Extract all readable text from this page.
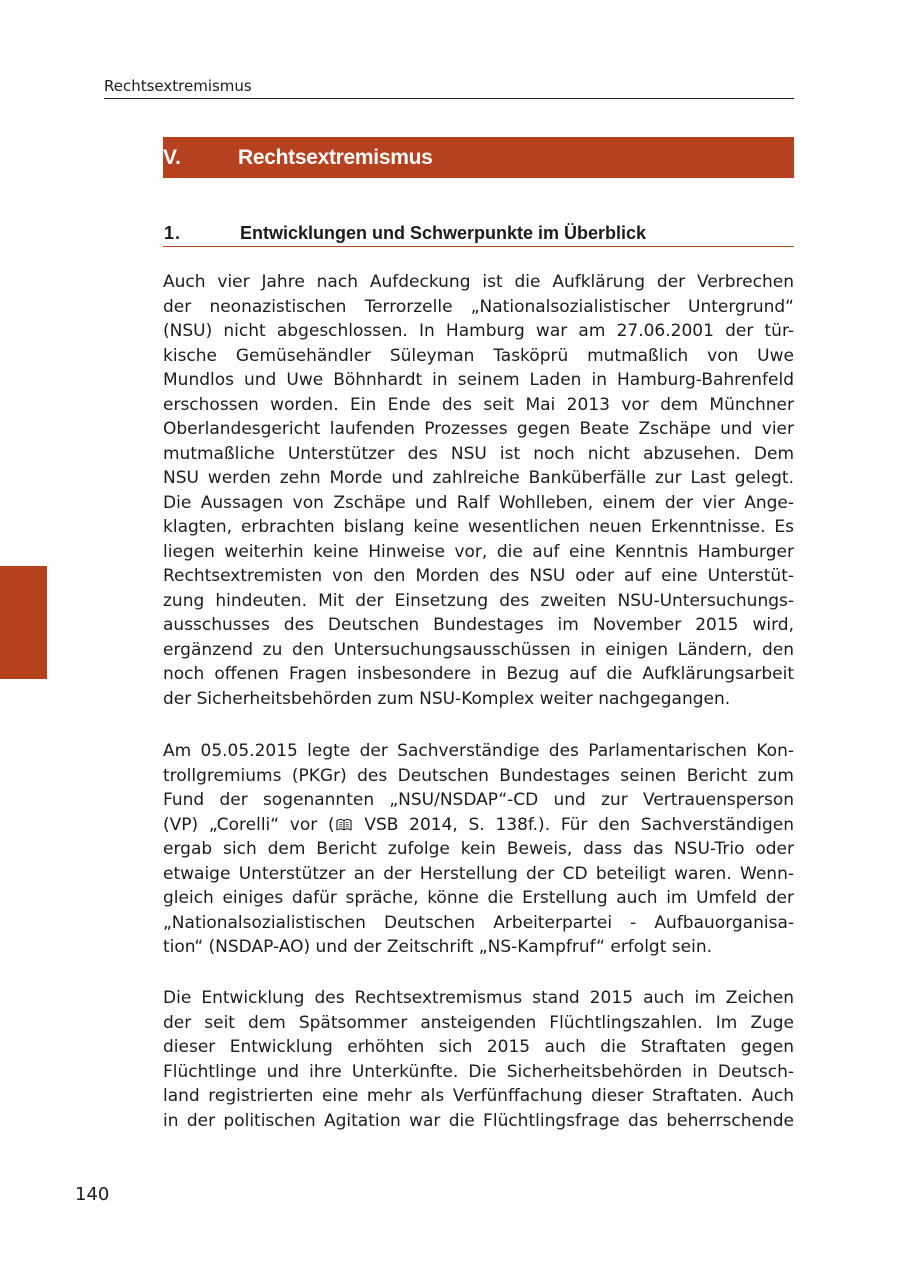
Rechtsextremismus
V.	Rechtsextremismus
1.	Entwicklungen und Schwerpunkte im Überblick
Auch vier Jahre nach Aufdeckung ist die Aufklärung der Verbrechen
der neonazistischen Terrorzelle „Nationalsozialistischer Untergrund“
(NSU) nicht abgeschlossen. In Hamburg war am 27.06.2001 der tür-
kische Gemüsehändler Süleyman Tasköprü mutmaßlich von Uwe
Mundlos und Uwe Böhnhardt in seinem Laden in Hamburg-Bahrenfeld
erschossen worden. Ein Ende des seit Mai 2013 vor dem Münchner
Oberlandesgericht laufenden Prozesses gegen Beate Zschäpe und vier
mutmaßliche Unterstützer des NSU ist noch nicht abzusehen. Dem
NSU werden zehn Morde und zahlreiche Banküberfälle zur Last gelegt.
Die Aussagen von Zschäpe und Ralf Wohlleben, einem der vier Ange-
klagten, erbrachten bislang keine wesentlichen neuen Erkenntnisse. Es
liegen weiterhin keine Hinweise vor, die auf eine Kenntnis Hamburger
Rechtsextremisten von den Morden des NSU oder auf eine Unterstüt-
zung hindeuten. Mit der Einsetzung des zweiten NSU-Untersuchungs-
ausschusses des Deutschen Bundestages im November 2015 wird,
ergänzend zu den Untersuchungsausschüssen in einigen Ländern, den
noch offenen Fragen insbesondere in Bezug auf die Aufklärungsarbeit
der Sicherheitsbehörden zum NSU-Komplex weiter nachgegangen.
Am 05.05.2015 legte der Sachverständige des Parlamentarischen Kon-
trollgremiums (PKGr) des Deutschen Bundestages seinen Bericht zum
Fund der sogenannten „NSU/NSDAP“-CD und zur Vertrauensperson
(VP) „Corelli“ vor ( VSB 2014, S. 138f.). Für den Sachverständigen
ergab sich dem Bericht zufolge kein Beweis, dass das NSU-Trio oder
etwaige Unterstützer an der Herstellung der CD beteiligt waren. Wenn-
gleich einiges dafür spräche, könne die Erstellung auch im Umfeld der
„Nationalsozialistischen Deutschen Arbeiterpartei - Aufbauorganisa-
tion“ (NSDAP-AO) und der Zeitschrift „NS-Kampfruf“ erfolgt sein.
Die Entwicklung des Rechtsextremismus stand 2015 auch im Zeichen
der seit dem Spätsommer ansteigenden Flüchtlingszahlen. Im Zuge
dieser Entwicklung erhöhten sich 2015 auch die Straftaten gegen
Flüchtlinge und ihre Unterkünfte. Die Sicherheitsbehörden in Deutsch-
land registrierten eine mehr als Verfünffachung dieser Straftaten. Auch
in der politischen Agitation war die Flüchtlingsfrage das beherrschende
140
